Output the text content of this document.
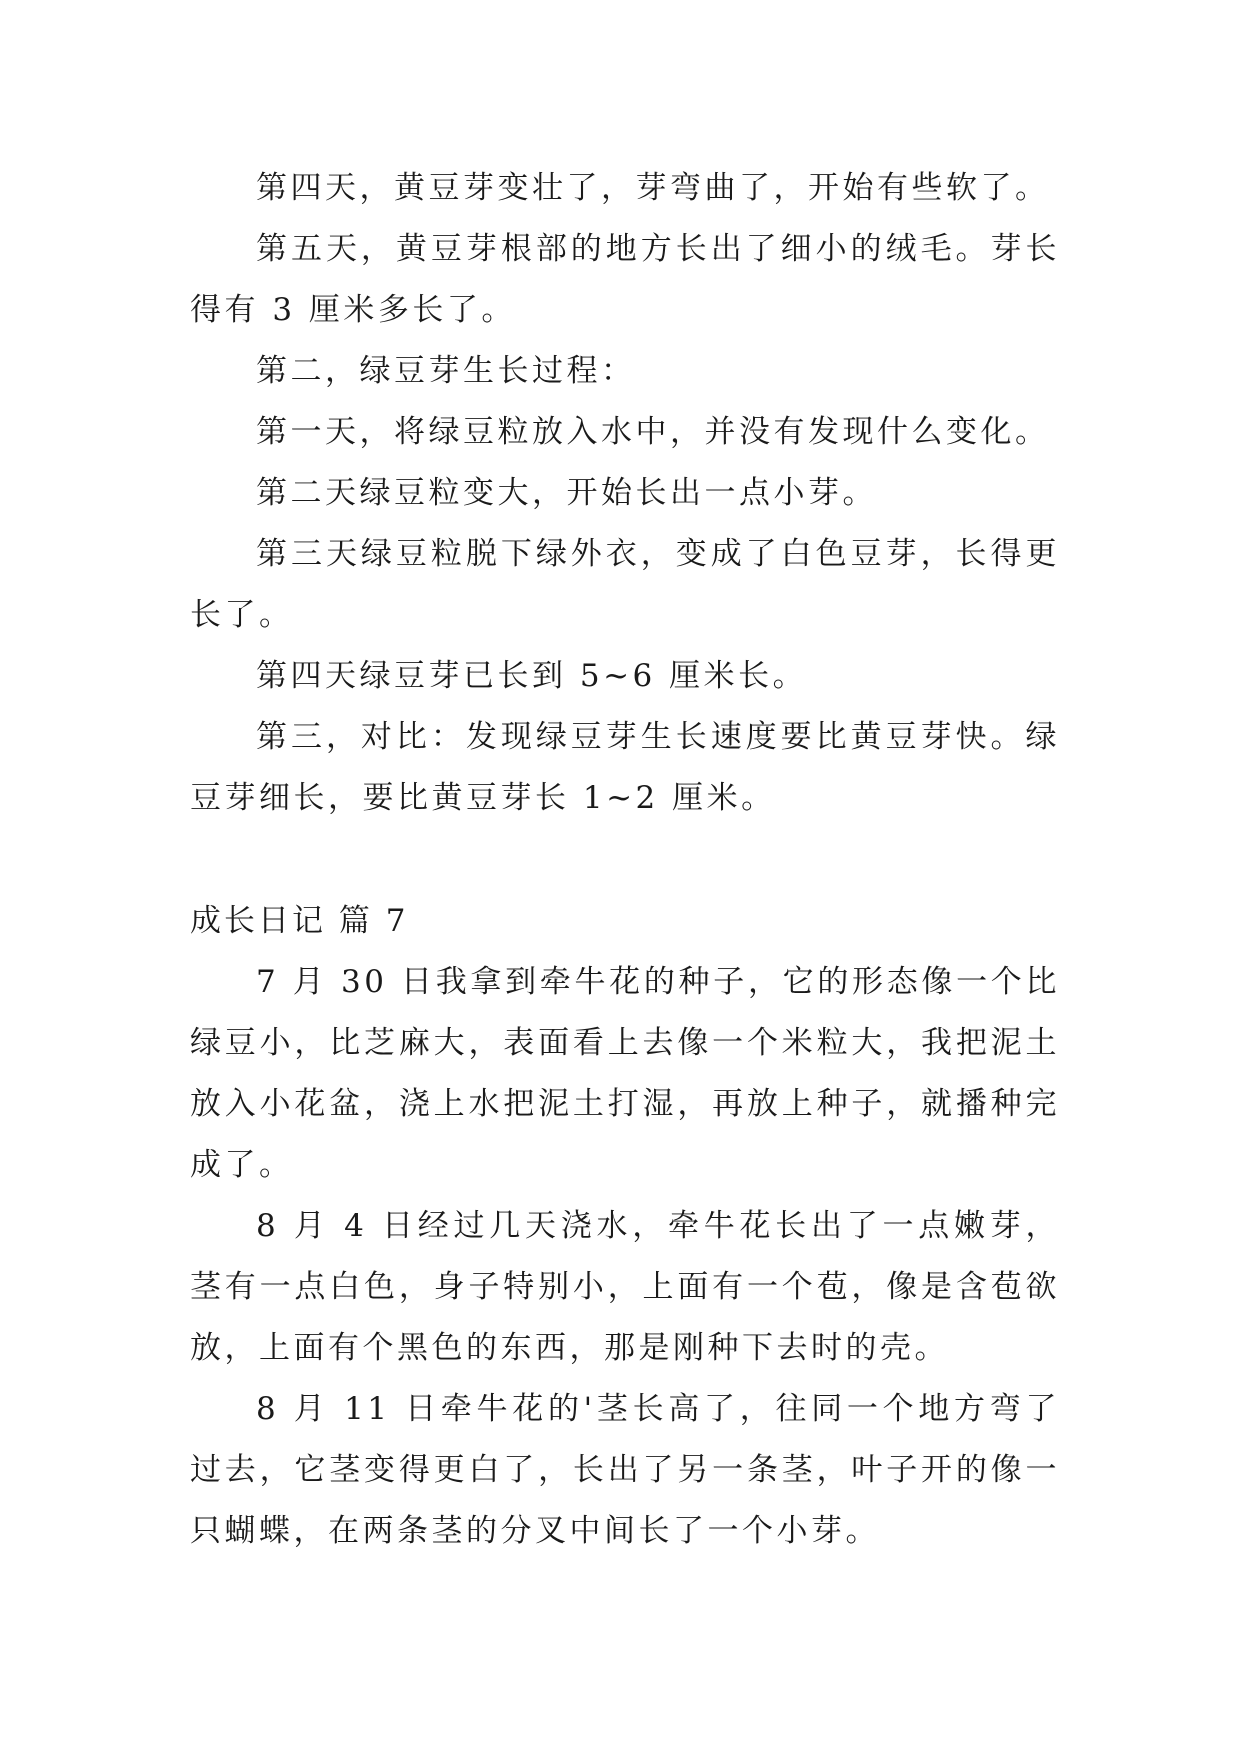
第四天，黄豆芽变壮了，芽弯曲了，开始有些软了。

第五天，黄豆芽根部的地方长出了细小的绒毛。芽长得有 3 厘米多长了。

第二，绿豆芽生长过程：

第一天，将绿豆粒放入水中，并没有发现什么变化。

第二天绿豆粒变大，开始长出一点小芽。

第三天绿豆粒脱下绿外衣，变成了白色豆芽，长得更长了。

第四天绿豆芽已长到 5~6 厘米长。

第三，对比：发现绿豆芽生长速度要比黄豆芽快。绿豆芽细长，要比黄豆芽长 1~2 厘米。

成长日记 篇 7

7 月 30 日我拿到牵牛花的种子，它的形态像一个比绿豆小，比芝麻大，表面看上去像一个米粒大，我把泥土放入小花盆，浇上水把泥土打湿，再放上种子，就播种完成了。

8 月 4 日经过几天浇水，牵牛花长出了一点嫩芽，茎有一点白色，身子特别小，上面有一个苞，像是含苞欲放，上面有个黑色的东西，那是刚种下去时的壳。

8 月 11 日牵牛花的'茎长高了，往同一个地方弯了过去，它茎变得更白了，长出了另一条茎，叶子开的像一只蝴蝶，在两条茎的分叉中间长了一个小芽。
